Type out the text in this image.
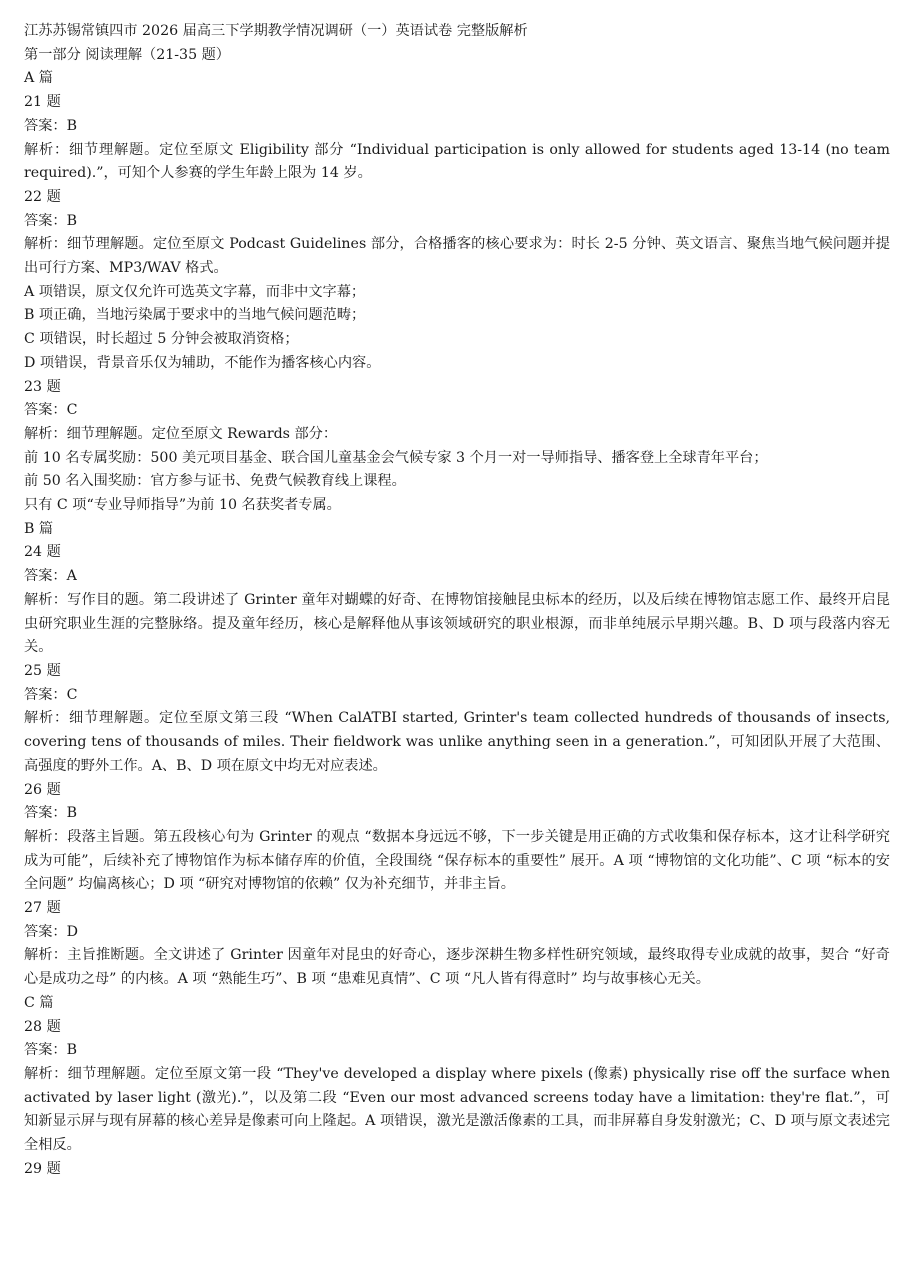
江苏苏锡常镇四市 2026 届高三下学期教学情况调研（一）英语试卷 完整版解析

第一部分 阅读理解（21-35 题）

A 篇

21 题

答案：B

解析：细节理解题。定位至原文 Eligibility 部分 “Individual participation is only allowed for students aged 13-14 (no team required).”，可知个人参赛的学生年龄上限为 14 岁。

22 题

答案：B

解析：细节理解题。定位至原文 Podcast Guidelines 部分，合格播客的核心要求为：时长 2-5 分钟、英文语言、聚焦当地气候问题并提出可行方案、MP3/WAV 格式。

A 项错误，原文仅允许可选英文字幕，而非中文字幕；

B 项正确，当地污染属于要求中的当地气候问题范畴；

C 项错误，时长超过 5 分钟会被取消资格；

D 项错误，背景音乐仅为辅助，不能作为播客核心内容。

23 题

答案：C

解析：细节理解题。定位至原文 Rewards 部分：

前 10 名专属奖励：500 美元项目基金、联合国儿童基金会气候专家 3 个月一对一导师指导、播客登上全球青年平台；

前 50 名入围奖励：官方参与证书、免费气候教育线上课程。

只有 C 项“专业导师指导”为前 10 名获奖者专属。

B 篇

24 题

答案：A

解析：写作目的题。第二段讲述了 Grinter 童年对蝴蝶的好奇、在博物馆接触昆虫标本的经历，以及后续在博物馆志愿工作、最终开启昆虫研究职业生涯的完整脉络。提及童年经历，核心是解释他从事该领域研究的职业根源，而非单纯展示早期兴趣。B、D 项与段落内容无关。

25 题

答案：C

解析：细节理解题。定位至原文第三段 “When CalATBI started, Grinter's team collected hundreds of thousands of insects, covering tens of thousands of miles. Their fieldwork was unlike anything seen in a generation.”，可知团队开展了大范围、高强度的野外工作。A、B、D 项在原文中均无对应表述。

26 题

答案：B

解析：段落主旨题。第五段核心句为 Grinter 的观点 “数据本身远远不够，下一步关键是用正确的方式收集和保存标本，这才让科学研究成为可能”，后续补充了博物馆作为标本储存库的价值，全段围绕 “保存标本的重要性” 展开。A 项 “博物馆的文化功能”、C 项 “标本的安全问题” 均偏离核心；D 项 “研究对博物馆的依赖” 仅为补充细节，并非主旨。

27 题

答案：D

解析：主旨推断题。全文讲述了 Grinter 因童年对昆虫的好奇心，逐步深耕生物多样性研究领域，最终取得专业成就的故事，契合 “好奇心是成功之母” 的内核。A 项 “熟能生巧”、B 项 “患难见真情”、C 项 “凡人皆有得意时” 均与故事核心无关。

C 篇

28 题

答案：B

解析：细节理解题。定位至原文第一段 “They've developed a display where pixels (像素) physically rise off the surface when activated by laser light (激光).”，以及第二段 “Even our most advanced screens today have a limitation: they're flat.”，可知新显示屏与现有屏幕的核心差异是像素可向上隆起。A 项错误，激光是激活像素的工具，而非屏幕自身发射激光；C、D 项与原文表述完全相反。

29 题
